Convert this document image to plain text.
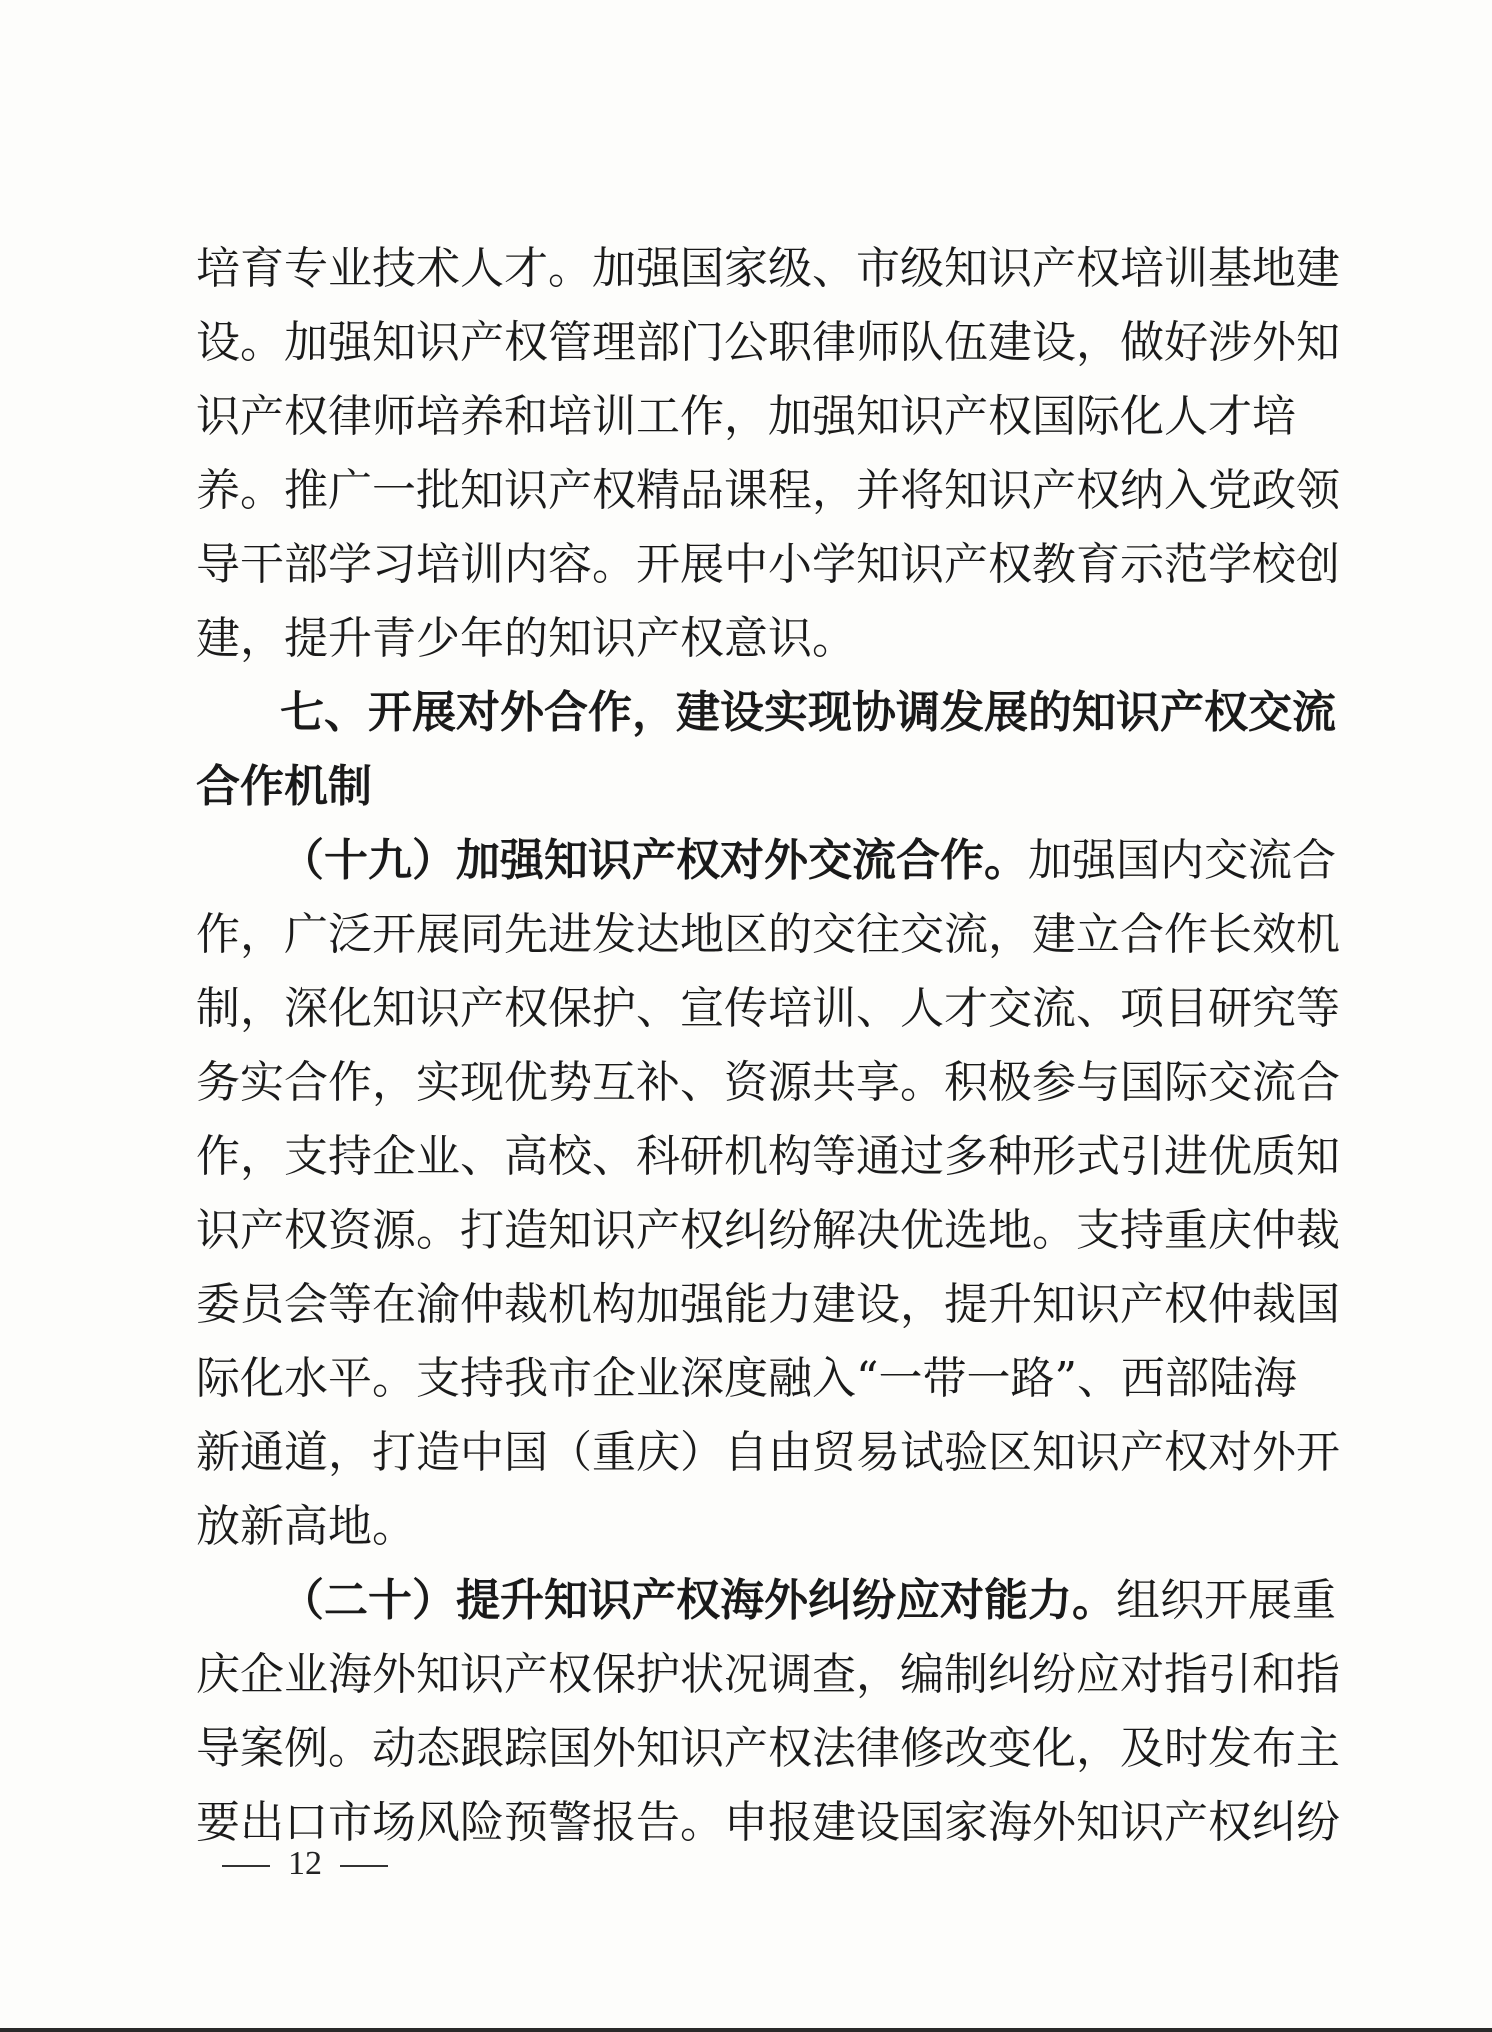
培育专业技术人才。加强国家级、市级知识产权培训基地建
设。加强知识产权管理部门公职律师队伍建设，做好涉外知
识产权律师培养和培训工作，加强知识产权国际化人才培
养。推广一批知识产权精品课程，并将知识产权纳入党政领
导干部学习培训内容。开展中小学知识产权教育示范学校创
建，提升青少年的知识产权意识。
七、开展对外合作，建设实现协调发展的知识产权交流
合作机制
（十九）加强知识产权对外交流合作。加强国内交流合
作，广泛开展同先进发达地区的交往交流，建立合作长效机
制，深化知识产权保护、宣传培训、人才交流、项目研究等
务实合作，实现优势互补、资源共享。积极参与国际交流合
作，支持企业、高校、科研机构等通过多种形式引进优质知
识产权资源。打造知识产权纠纷解决优选地。支持重庆仲裁
委员会等在渝仲裁机构加强能力建设，提升知识产权仲裁国
际化水平。支持我市企业深度融入“一带一路”、西部陆海
新通道，打造中国（重庆）自由贸易试验区知识产权对外开
放新高地。
（二十）提升知识产权海外纠纷应对能力。组织开展重
庆企业海外知识产权保护状况调查，编制纠纷应对指引和指
导案例。动态跟踪国外知识产权法律修改变化，及时发布主
要出口市场风险预警报告。申报建设国家海外知识产权纠纷
12
